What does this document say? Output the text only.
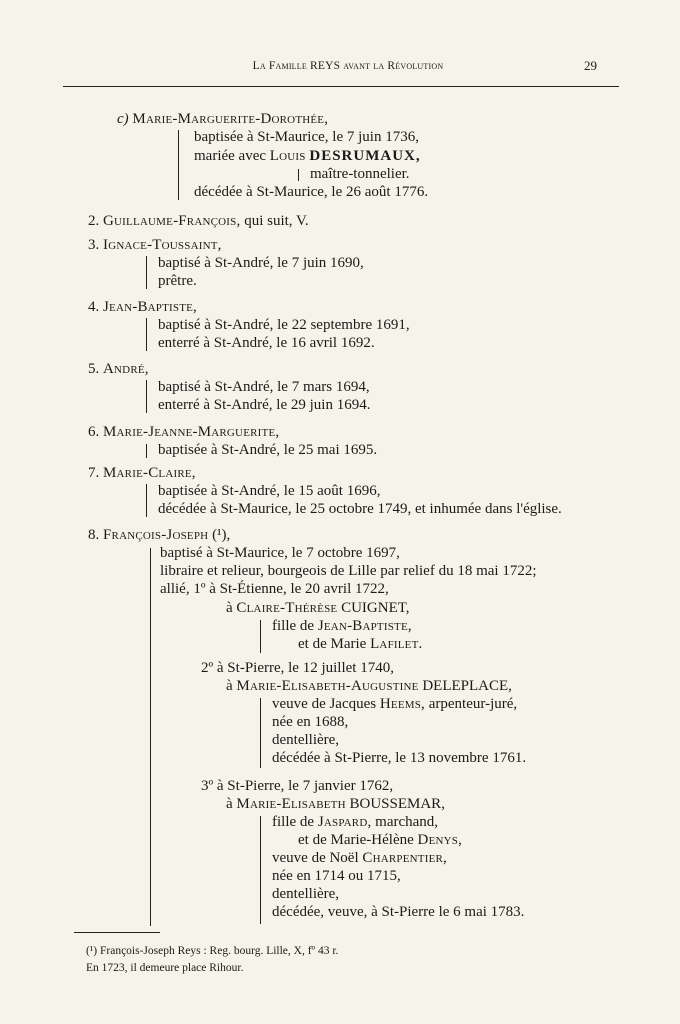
La Famille REYS avant la Révolution	29
c) Marie-Marguerite-Dorothée,
baptisée à St-Maurice, le 7 juin 1736,
mariée avec Louis DESRUMAUX,
maître-tonnelier.
décédée à St-Maurice, le 26 août 1776.
2. Guillaume-François, qui suit, V.
3. Ignace-Toussaint,
baptisé à St-André, le 7 juin 1690,
prêtre.
4. Jean-Baptiste,
baptisé à St-André, le 22 septembre 1691,
enterré à St-André, le 16 avril 1692.
5. André,
baptisé à St-André, le 7 mars 1694,
enterré à St-André, le 29 juin 1694.
6. Marie-Jeanne-Marguerite,
baptisée à St-André, le 25 mai 1695.
7. Marie-Claire,
baptisée à St-André, le 15 août 1696,
décédée à St-Maurice, le 25 octobre 1749, et inhumée dans l'église.
8. François-Joseph (¹),
baptisé à St-Maurice, le 7 octobre 1697,
libraire et relieur, bourgeois de Lille par relief du 18 mai 1722;
allié, 1º à St-Étienne, le 20 avril 1722,
à Claire-Thérèse CUIGNET,
fille de Jean-Baptiste,
et de Marie Lafilet.
2º à St-Pierre, le 12 juillet 1740,
à Marie-Elisabeth-Augustine DELEPLACE,
veuve de Jacques Heems, arpenteur-juré,
née en 1688,
dentellière,
décédée à St-Pierre, le 13 novembre 1761.
3º à St-Pierre, le 7 janvier 1762,
à Marie-Elisabeth BOUSSEMAR,
fille de Jaspard, marchand,
et de Marie-Hélène Denys,
veuve de Noël Charpentier,
née en 1714 ou 1715,
dentellière,
décédée, veuve, à St-Pierre le 6 mai 1783.
(¹) François-Joseph Reys : Reg. bourg. Lille, X, fº 43 r.
En 1723, il demeure place Rihour.
